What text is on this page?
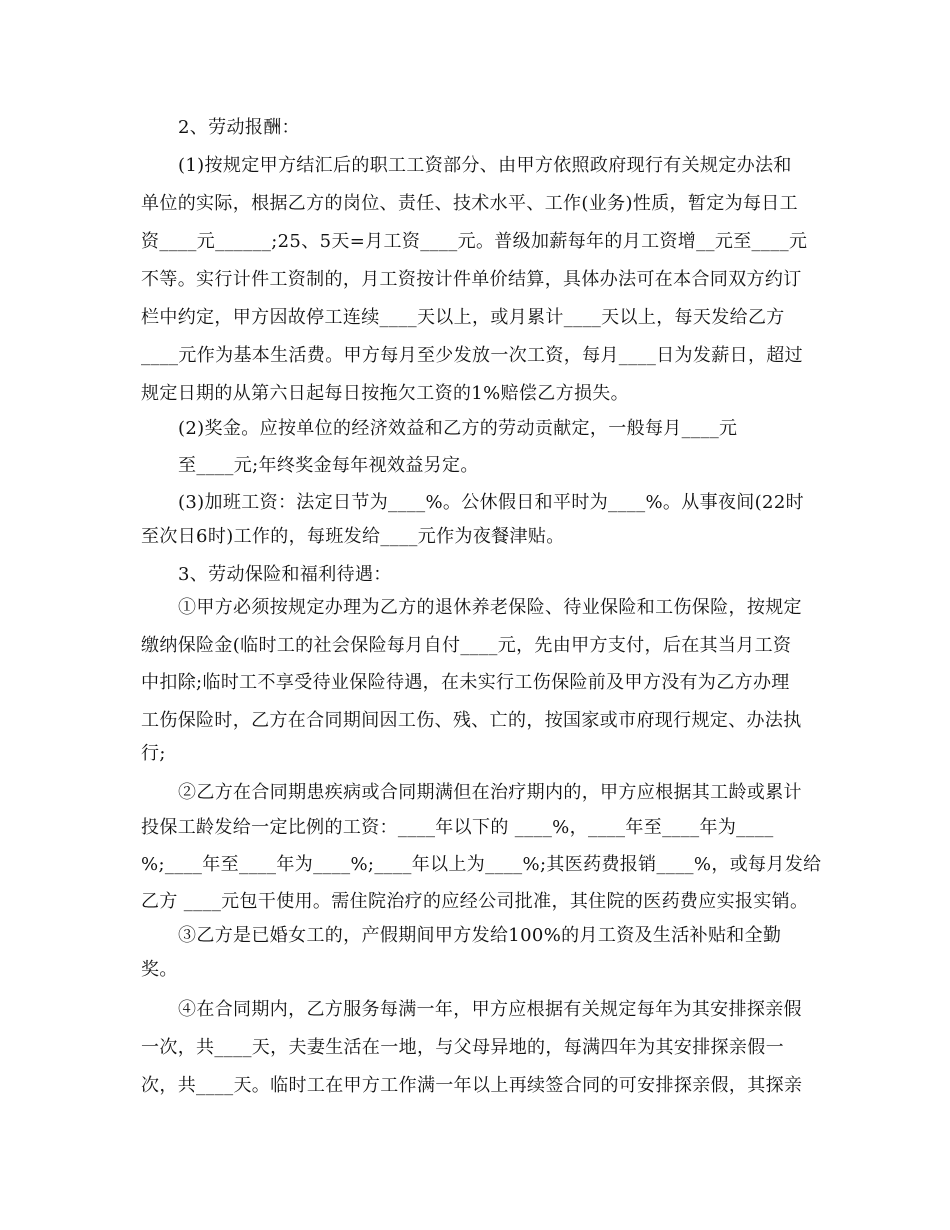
2、劳动报酬：
(1)按规定甲方结汇后的职工工资部分、由甲方依照政府现行有关规定办法和
单位的实际，根据乙方的岗位、责任、技术水平、工作(业务)性质，暂定为每日工
资____元______;25、5天=月工资____元。普级加薪每年的月工资增__元至____元
不等。实行计件工资制的，月工资按计件单价结算，具体办法可在本合同双方约订
栏中约定，甲方因故停工连续____天以上，或月累计____天以上，每天发给乙方
____元作为基本生活费。甲方每月至少发放一次工资，每月____日为发薪日，超过
规定日期的从第六日起每日按拖欠工资的1%赔偿乙方损失。
(2)奖金。应按单位的经济效益和乙方的劳动贡献定，一般每月____元
至____元;年终奖金每年视效益另定。
(3)加班工资：法定日节为____%。公休假日和平时为____%。从事夜间(22时
至次日6时)工作的，每班发给____元作为夜餐津贴。
3、劳动保险和福利待遇：
①甲方必须按规定办理为乙方的退休养老保险、待业保险和工伤保险，按规定
缴纳保险金(临时工的社会保险每月自付____元，先由甲方支付，后在其当月工资
中扣除;临时工不享受待业保险待遇，在未实行工伤保险前及甲方没有为乙方办理
工伤保险时，乙方在合同期间因工伤、残、亡的，按国家或市府现行规定、办法执
行;
②乙方在合同期患疾病或合同期满但在治疗期内的，甲方应根据其工龄或累计
投保工龄发给一定比例的工资：____年以下的 ____%，____年至____年为____
%;____年至____年为____%;____年以上为____%;其医药费报销____%，或每月发给
乙方 ____元包干使用。需住院治疗的应经公司批准，其住院的医药费应实报实销。
③乙方是已婚女工的，产假期间甲方发给100%的月工资及生活补贴和全勤
奖。
④在合同期内，乙方服务每满一年，甲方应根据有关规定每年为其安排探亲假
一次，共____天，夫妻生活在一地，与父母异地的，每满四年为其安排探亲假一
次，共____天。临时工在甲方工作满一年以上再续签合同的可安排探亲假，其探亲
